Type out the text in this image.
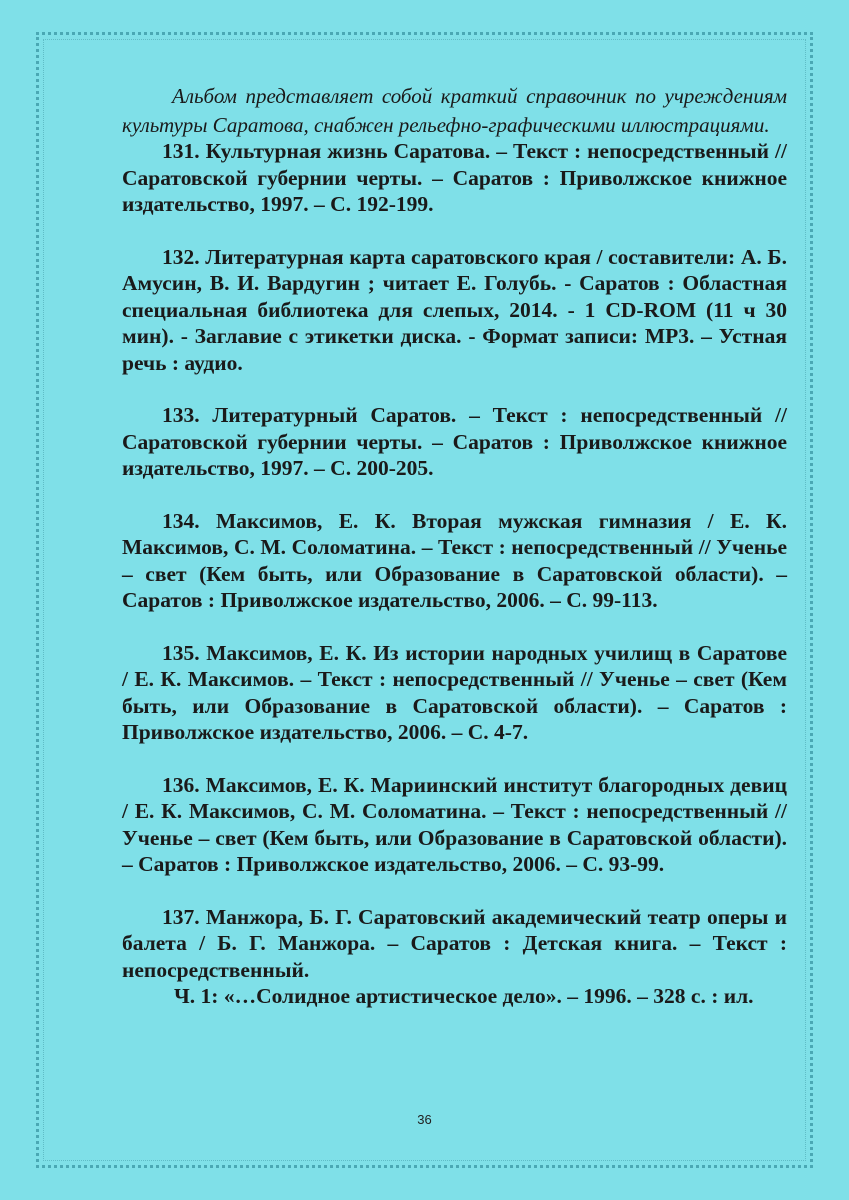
Альбом представляет собой краткий справочник по учреждениям культуры Саратова, снабжен рельефно-графическими иллюстрациями.

131. Культурная жизнь Саратова. – Текст : непосредственный // Саратовской губернии черты. – Саратов : Приволжское книжное издательство, 1997. – С. 192-199.

132. Литературная карта саратовского края / составители: А. Б. Амусин, В. И. Вардугин ; читает Е. Голубь. - Саратов : Областная специальная библиотека для слепых, 2014. - 1 CD-ROM (11 ч 30 мин). - Заглавие с этикетки диска. - Формат записи: MP3. – Устная речь : аудио.

133. Литературный Саратов. – Текст : непосредственный // Саратовской губернии черты. – Саратов : Приволжское книжное издательство, 1997. – С. 200-205.

134. Максимов, Е. К. Вторая мужская гимназия / Е. К. Максимов, С. М. Соломатина. – Текст : непосредственный // Ученье – свет (Кем быть, или Образование в Саратовской области). – Саратов : Приволжское издательство, 2006. – С. 99-113.

135. Максимов, Е. К. Из истории народных училищ в Саратове / Е. К. Максимов. – Текст : непосредственный // Ученье – свет (Кем быть, или Образование в Саратовской области). – Саратов : Приволжское издательство, 2006. – С. 4-7.

136. Максимов, Е. К. Мариинский институт благородных девиц / Е. К. Максимов, С. М. Соломатина. – Текст : непосредственный // Ученье – свет (Кем быть, или Образование в Саратовской области). – Саратов : Приволжское издательство, 2006. – С. 93-99.

137. Манжора, Б. Г. Саратовский академический театр оперы и балета / Б. Г. Манжора. – Саратов : Детская книга. – Текст : непосредственный.

Ч. 1: «…Солидное артистическое дело». – 1996. – 328 с. : ил.

36
